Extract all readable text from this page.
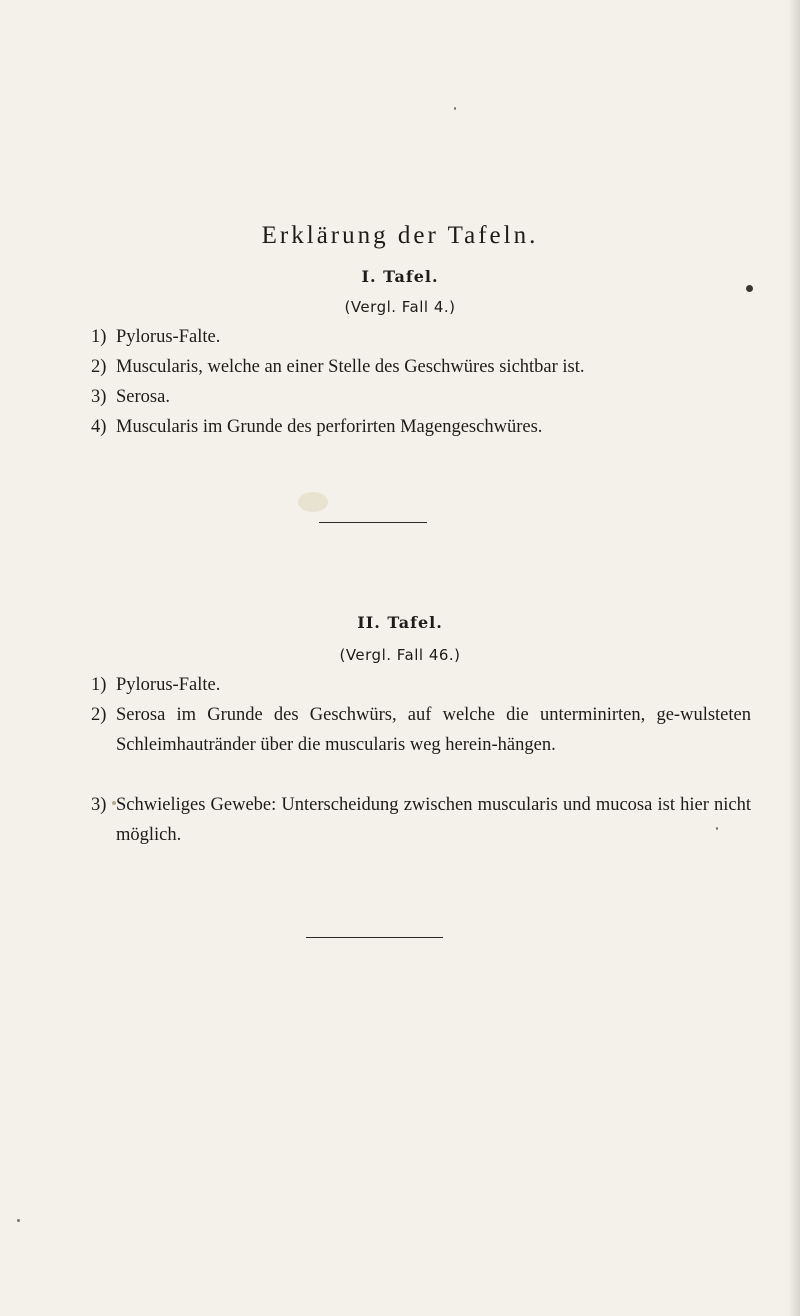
Erklärung der Tafeln.
I. Tafel.
(Vergl. Fall 4.)
1) Pylorus-Falte.
2) Muscularis, welche an einer Stelle des Geschwüres sichtbar ist.
3) Serosa.
4) Muscularis im Grunde des perforirten Magengeschwüres.
II. Tafel.
(Vergl. Fall 46.)
1) Pylorus-Falte.
2) Serosa im Grunde des Geschwürs, auf welche die unterminirten, ge-wulsteten Schleimhautränder über die muscularis weg herein-hängen.
3) Schwieliges Gewebe: Unterscheidung zwischen muscularis und mucosa ist hier nicht möglich.
